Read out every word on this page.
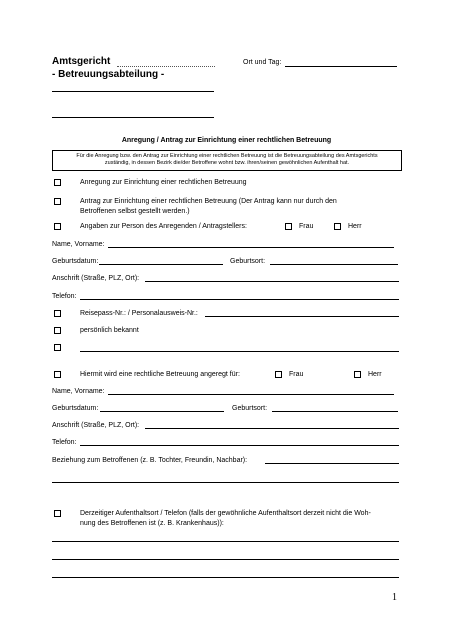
Amtsgericht	Ort und Tag:
- Betreuungsabteilung -
Anregung / Antrag zur Einrichtung einer rechtlichen Betreuung
Für die Anregung bzw. den Antrag zur Einrichtung einer rechtlichen Betreuung ist die Betreuungsabteilung des Amtsgerichts
zuständig, in dessen Bezirk die/der Betroffene wohnt bzw. ihren/seinen gewöhnlichen Aufenthalt hat.
Anregung zur Einrichtung einer rechtlichen Betreuung
Antrag zur Einrichtung einer rechtlichen Betreuung (Der Antrag kann nur durch den
Betroffenen selbst gestellt werden.)
Angaben zur Person des Anregenden / Antragstellers:	Frau	Herr
Name, Vorname:
Geburtsdatum:	Geburtsort:
Anschrift (Straße, PLZ, Ort):
Telefon:
Reisepass-Nr.: / Personalausweis-Nr.:
persönlich bekannt
Hiermit wird eine rechtliche Betreuung angeregt für:	Frau	Herr
Name, Vorname:
Geburtsdatum:	Geburtsort:
Anschrift (Straße, PLZ, Ort):
Telefon:
Beziehung zum Betroffenen (z. B. Tochter, Freundin, Nachbar):
Derzeitiger Aufenthaltsort / Telefon (falls der gewöhnliche Aufenthaltsort derzeit nicht die Woh-
nung des Betroffenen ist (z. B. Krankenhaus)):
1
